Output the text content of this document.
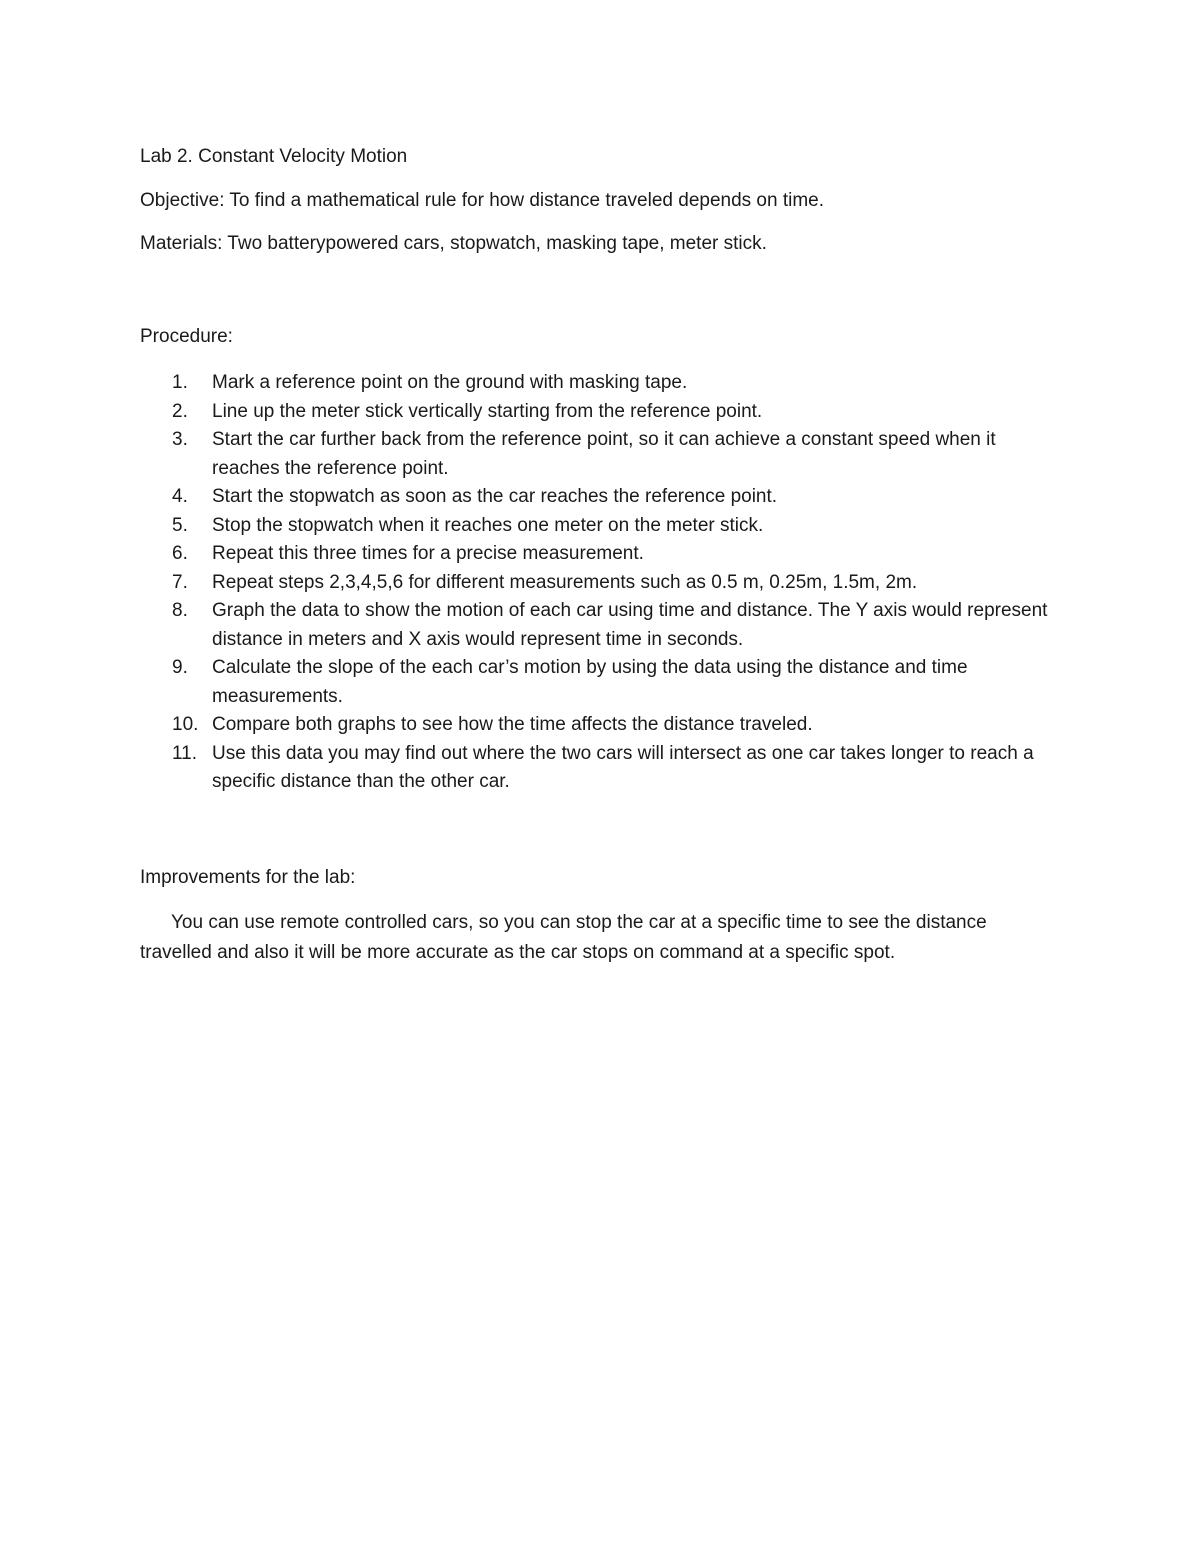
Lab 2. Constant Velocity Motion

Objective: To find a mathematical rule for how distance traveled depends on time.

Materials: Two batterypowered cars, stopwatch, masking tape, meter stick.

Procedure:

1.	Mark a reference point on the ground with masking tape.
2.	Line up the meter stick vertically starting from the reference point.
3.	Start the car further back from the reference point, so it can achieve a constant speed when it reaches the reference point.
4.	Start the stopwatch as soon as the car reaches the reference point.
5.	Stop the stopwatch when it reaches one meter on the meter stick.
6.	Repeat this three times for a precise measurement.
7.	Repeat steps 2,3,4,5,6 for different measurements such as 0.5 m, 0.25m, 1.5m, 2m.
8.	Graph the data to show the motion of each car using time and distance. The Y axis would represent distance in meters and X axis would represent time in seconds.
9.	Calculate the slope of the each car’s motion by using the data using the distance and time measurements.
10. Compare both graphs to see how the time affects the distance traveled.
11. Use this data you may find out where the two cars will intersect as one car takes longer to reach a specific distance than the other car.

Improvements for the lab:

You can use remote controlled cars, so you can stop the car at a specific time to see the distance travelled and also it will be more accurate as the car stops on command at a specific spot.
